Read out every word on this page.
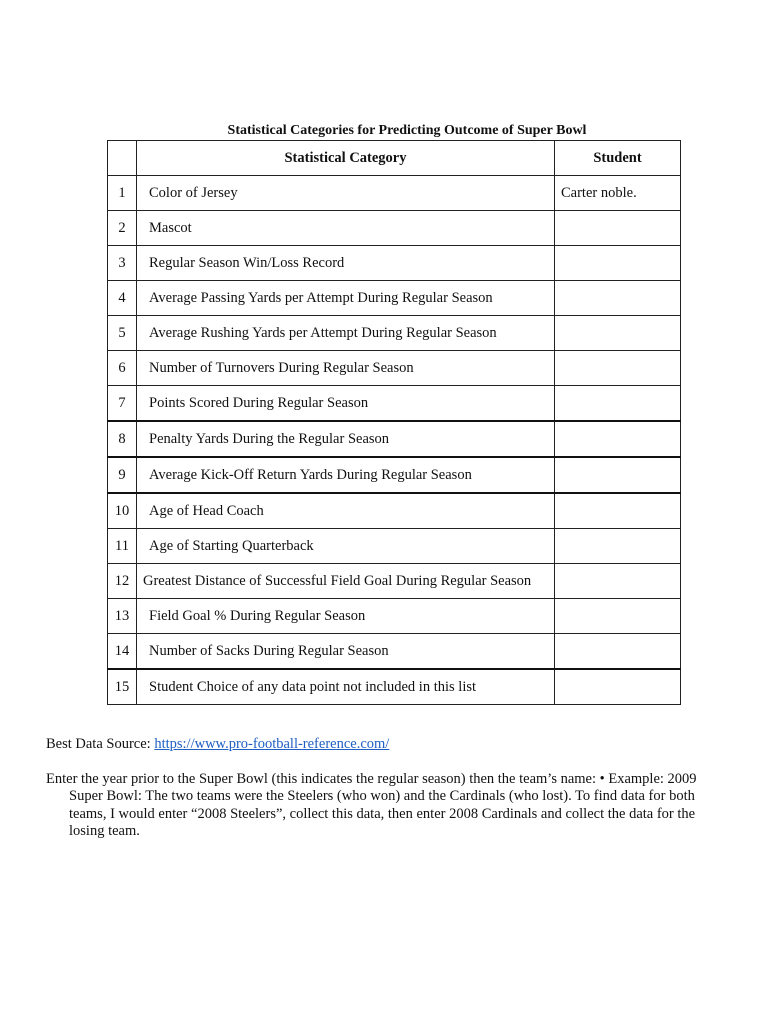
Statistical Categories for Predicting Outcome of Super Bowl
	Statistical Category	Student
1	Color of Jersey	Carter noble.
2	Mascot	
3	Regular Season Win/Loss Record	
4	Average Passing Yards per Attempt During Regular Season	
5	Average Rushing Yards per Attempt During Regular Season	
6	Number of Turnovers During Regular Season	
7	Points Scored During Regular Season	
8	Penalty Yards During the Regular Season	
9	Average Kick-Off Return Yards During Regular Season	
10	Age of Head Coach	
11	Age of Starting Quarterback	
12	Greatest Distance of Successful Field Goal During Regular Season	
13	Field Goal % During Regular Season	
14	Number of Sacks During Regular Season	
15	Student Choice of any data point not included in this list	
Best Data Source: https://www.pro-football-reference.com/

Enter the year prior to the Super Bowl (this indicates the regular season) then the team’s name: • Example: 2009 Super Bowl: The two teams were the Steelers (who won) and the Cardinals (who lost). To find data for both teams, I would enter “2008 Steelers”, collect this data, then enter 2008 Cardinals and collect the data for the losing team.
